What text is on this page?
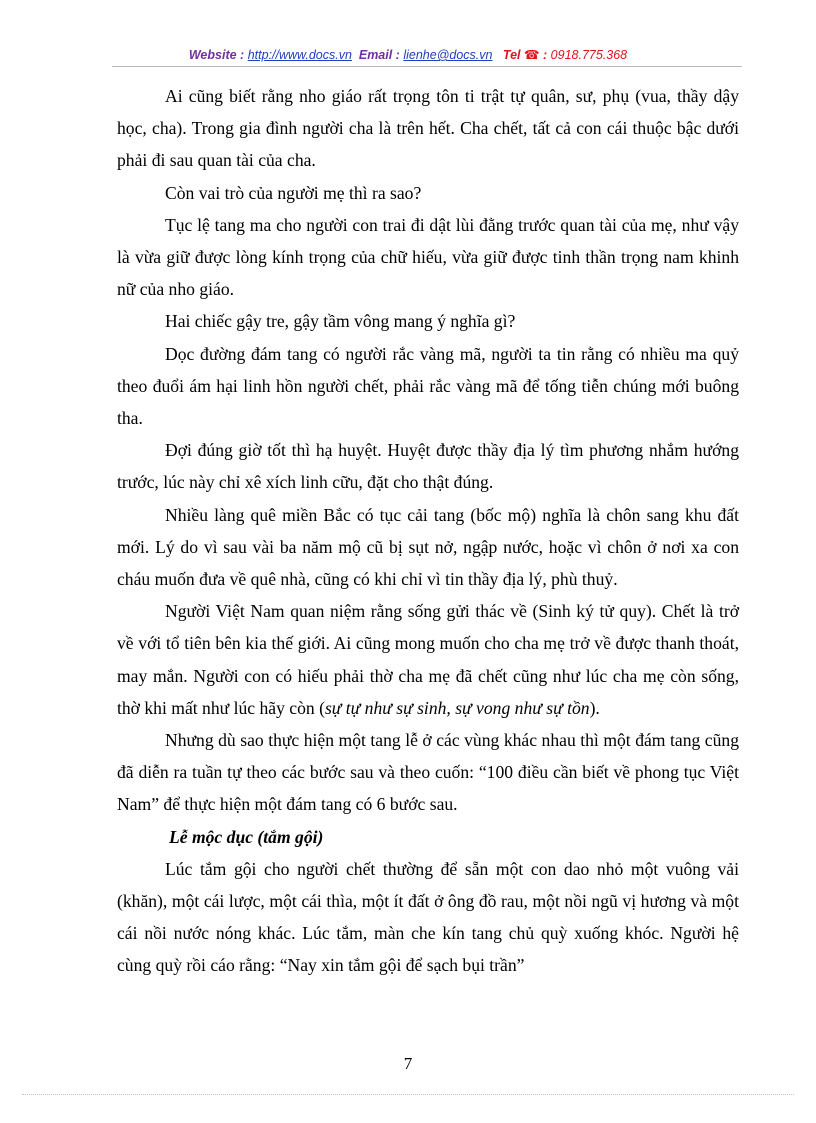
Website : http://www.docs.vn Email : lienhe@docs.vn Tel ☎ : 0918.775.368

Ai cũng biết rằng nho giáo rất trọng tôn ti trật tự quân, sư, phụ (vua, thầy dậy học, cha). Trong gia đình người cha là trên hết. Cha chết, tất cả con cái thuộc bậc dưới phải đi sau quan tài của cha.

Còn vai trò của người mẹ thì ra sao?

Tục lệ tang ma cho người con trai đi dật lùi đằng trước quan tài của mẹ, như vậy là vừa giữ được lòng kính trọng của chữ hiếu, vừa giữ được tinh thần trọng nam khinh nữ của nho giáo.

Hai chiếc gậy tre, gậy tầm vông mang ý nghĩa gì?

Dọc đường đám tang có người rắc vàng mã, người ta tin rằng có nhiều ma quỷ theo đuổi ám hại linh hồn người chết, phải rắc vàng mã để tống tiễn chúng mới buông tha.

Đợi đúng giờ tốt thì hạ huyệt. Huyệt được thầy địa lý tìm phương nhắm hướng trước, lúc này chỉ xê xích linh cữu, đặt cho thật đúng.

Nhiều làng quê miền Bắc có tục cải tang (bốc mộ) nghĩa là chôn sang khu đất mới. Lý do vì sau vài ba năm mộ cũ bị sụt nở, ngập nước, hoặc vì chôn ở nơi xa con cháu muốn đưa về quê nhà, cũng có khi chỉ vì tin thầy địa lý, phù thuỷ.

Người Việt Nam quan niệm rằng sống gửi thác về (Sinh ký tử quy). Chết là trở về với tổ tiên bên kia thế giới. Ai cũng mong muốn cho cha mẹ trở về được thanh thoát, may mắn. Người con có hiếu phải thờ cha mẹ đã chết cũng như lúc cha mẹ còn sống, thờ khi mất như lúc hãy còn (sự tự như sự sinh, sự vong như sự tồn).

Nhưng dù sao thực hiện một tang lễ ở các vùng khác nhau thì một đám tang cũng đã diễn ra tuần tự theo các bước sau và theo cuốn: “100 điều cần biết về phong tục Việt Nam” để thực hiện một đám tang có 6 bước sau.

Lễ mộc dục (tắm gội)

Lúc tắm gội cho người chết thường để sẵn một con dao nhỏ một vuông vải (khăn), một cái lược, một cái thìa, một ít đất ở ông đồ rau, một nồi ngũ vị hương và một cái nồi nước nóng khác. Lúc tắm, màn che kín tang chủ quỳ xuống khóc. Người hệ cùng quỳ rồi cáo rằng: “Nay xin tắm gội để sạch bụi trần”

7
